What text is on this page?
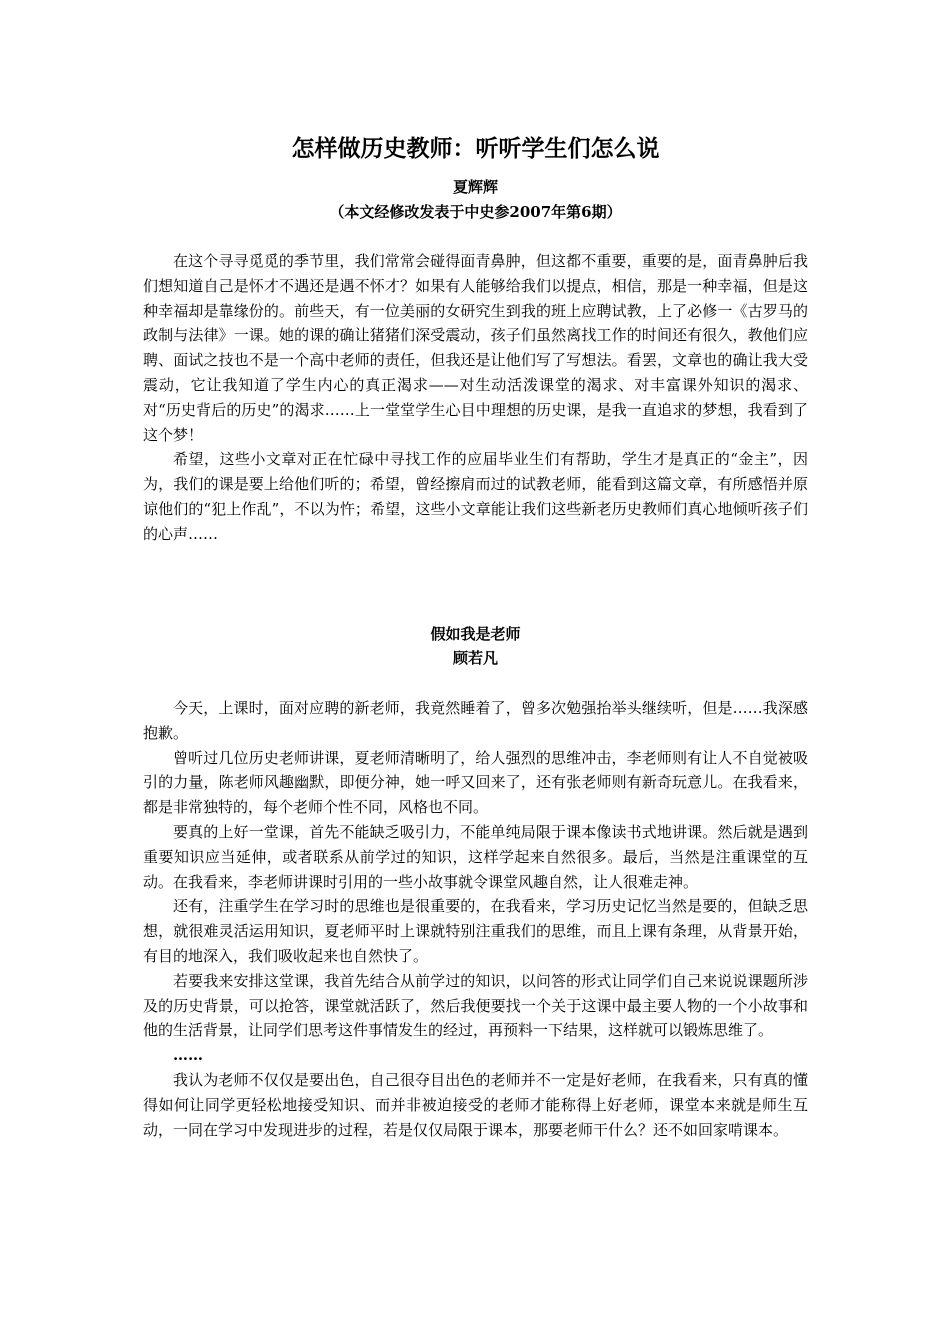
怎样做历史教师：听听学生们怎么说

夏辉辉

（本文经修改发表于中史参2007年第6期）

在这个寻寻觅觅的季节里，我们常常会碰得面青鼻肿，但这都不重要，重要的是，面青鼻肿后我们想知道自己是怀才不遇还是遇不怀才？如果有人能够给我们以提点，相信，那是一种幸福，但是这种幸福却是靠缘份的。前些天，有一位美丽的女研究生到我的班上应聘试教，上了必修一《古罗马的政制与法律》一课。她的课的确让猪猪们深受震动，孩子们虽然离找工作的时间还有很久，教他们应聘、面试之技也不是一个高中老师的责任，但我还是让他们写了写想法。看罢，文章也的确让我大受震动，它让我知道了学生内心的真正渴求——对生动活泼课堂的渴求、对丰富课外知识的渴求、对“历史背后的历史”的渴求……上一堂堂学生心目中理想的历史课，是我一直追求的梦想，我看到了这个梦！

希望，这些小文章对正在忙碌中寻找工作的应届毕业生们有帮助，学生才是真正的“金主”，因为，我们的课是要上给他们听的；希望，曾经擦肩而过的试教老师，能看到这篇文章，有所感悟并原谅他们的“犯上作乱”，不以为忤；希望，这些小文章能让我们这些新老历史教师们真心地倾听孩子们的心声……

假如我是老师

顾若凡

今天，上课时，面对应聘的新老师，我竟然睡着了，曾多次勉强抬举头继续听，但是……我深感抱歉。

曾听过几位历史老师讲课，夏老师清晰明了，给人强烈的思维冲击，李老师则有让人不自觉被吸引的力量，陈老师风趣幽默，即便分神，她一呼又回来了，还有张老师则有新奇玩意儿。在我看来，都是非常独特的，每个老师个性不同，风格也不同。

要真的上好一堂课，首先不能缺乏吸引力，不能单纯局限于课本像读书式地讲课。然后就是遇到重要知识应当延伸，或者联系从前学过的知识，这样学起来自然很多。最后，当然是注重课堂的互动。在我看来，李老师讲课时引用的一些小故事就令课堂风趣自然，让人很难走神。

还有，注重学生在学习时的思维也是很重要的，在我看来，学习历史记忆当然是要的，但缺乏思想，就很难灵活运用知识，夏老师平时上课就特别注重我们的思维，而且上课有条理，从背景开始，有目的地深入，我们吸收起来也自然快了。

若要我来安排这堂课，我首先结合从前学过的知识，以问答的形式让同学们自己来说说课题所涉及的历史背景，可以抢答，课堂就活跃了，然后我便要找一个关于这课中最主要人物的一个小故事和他的生活背景，让同学们思考这件事情发生的经过，再预料一下结果，这样就可以锻炼思维了。

……

我认为老师不仅仅是要出色，自己很夺目出色的老师并不一定是好老师，在我看来，只有真的懂得如何让同学更轻松地接受知识、而并非被迫接受的老师才能称得上好老师，课堂本来就是师生互动，一同在学习中发现进步的过程，若是仅仅局限于课本，那要老师干什么？还不如回家啃课本。
